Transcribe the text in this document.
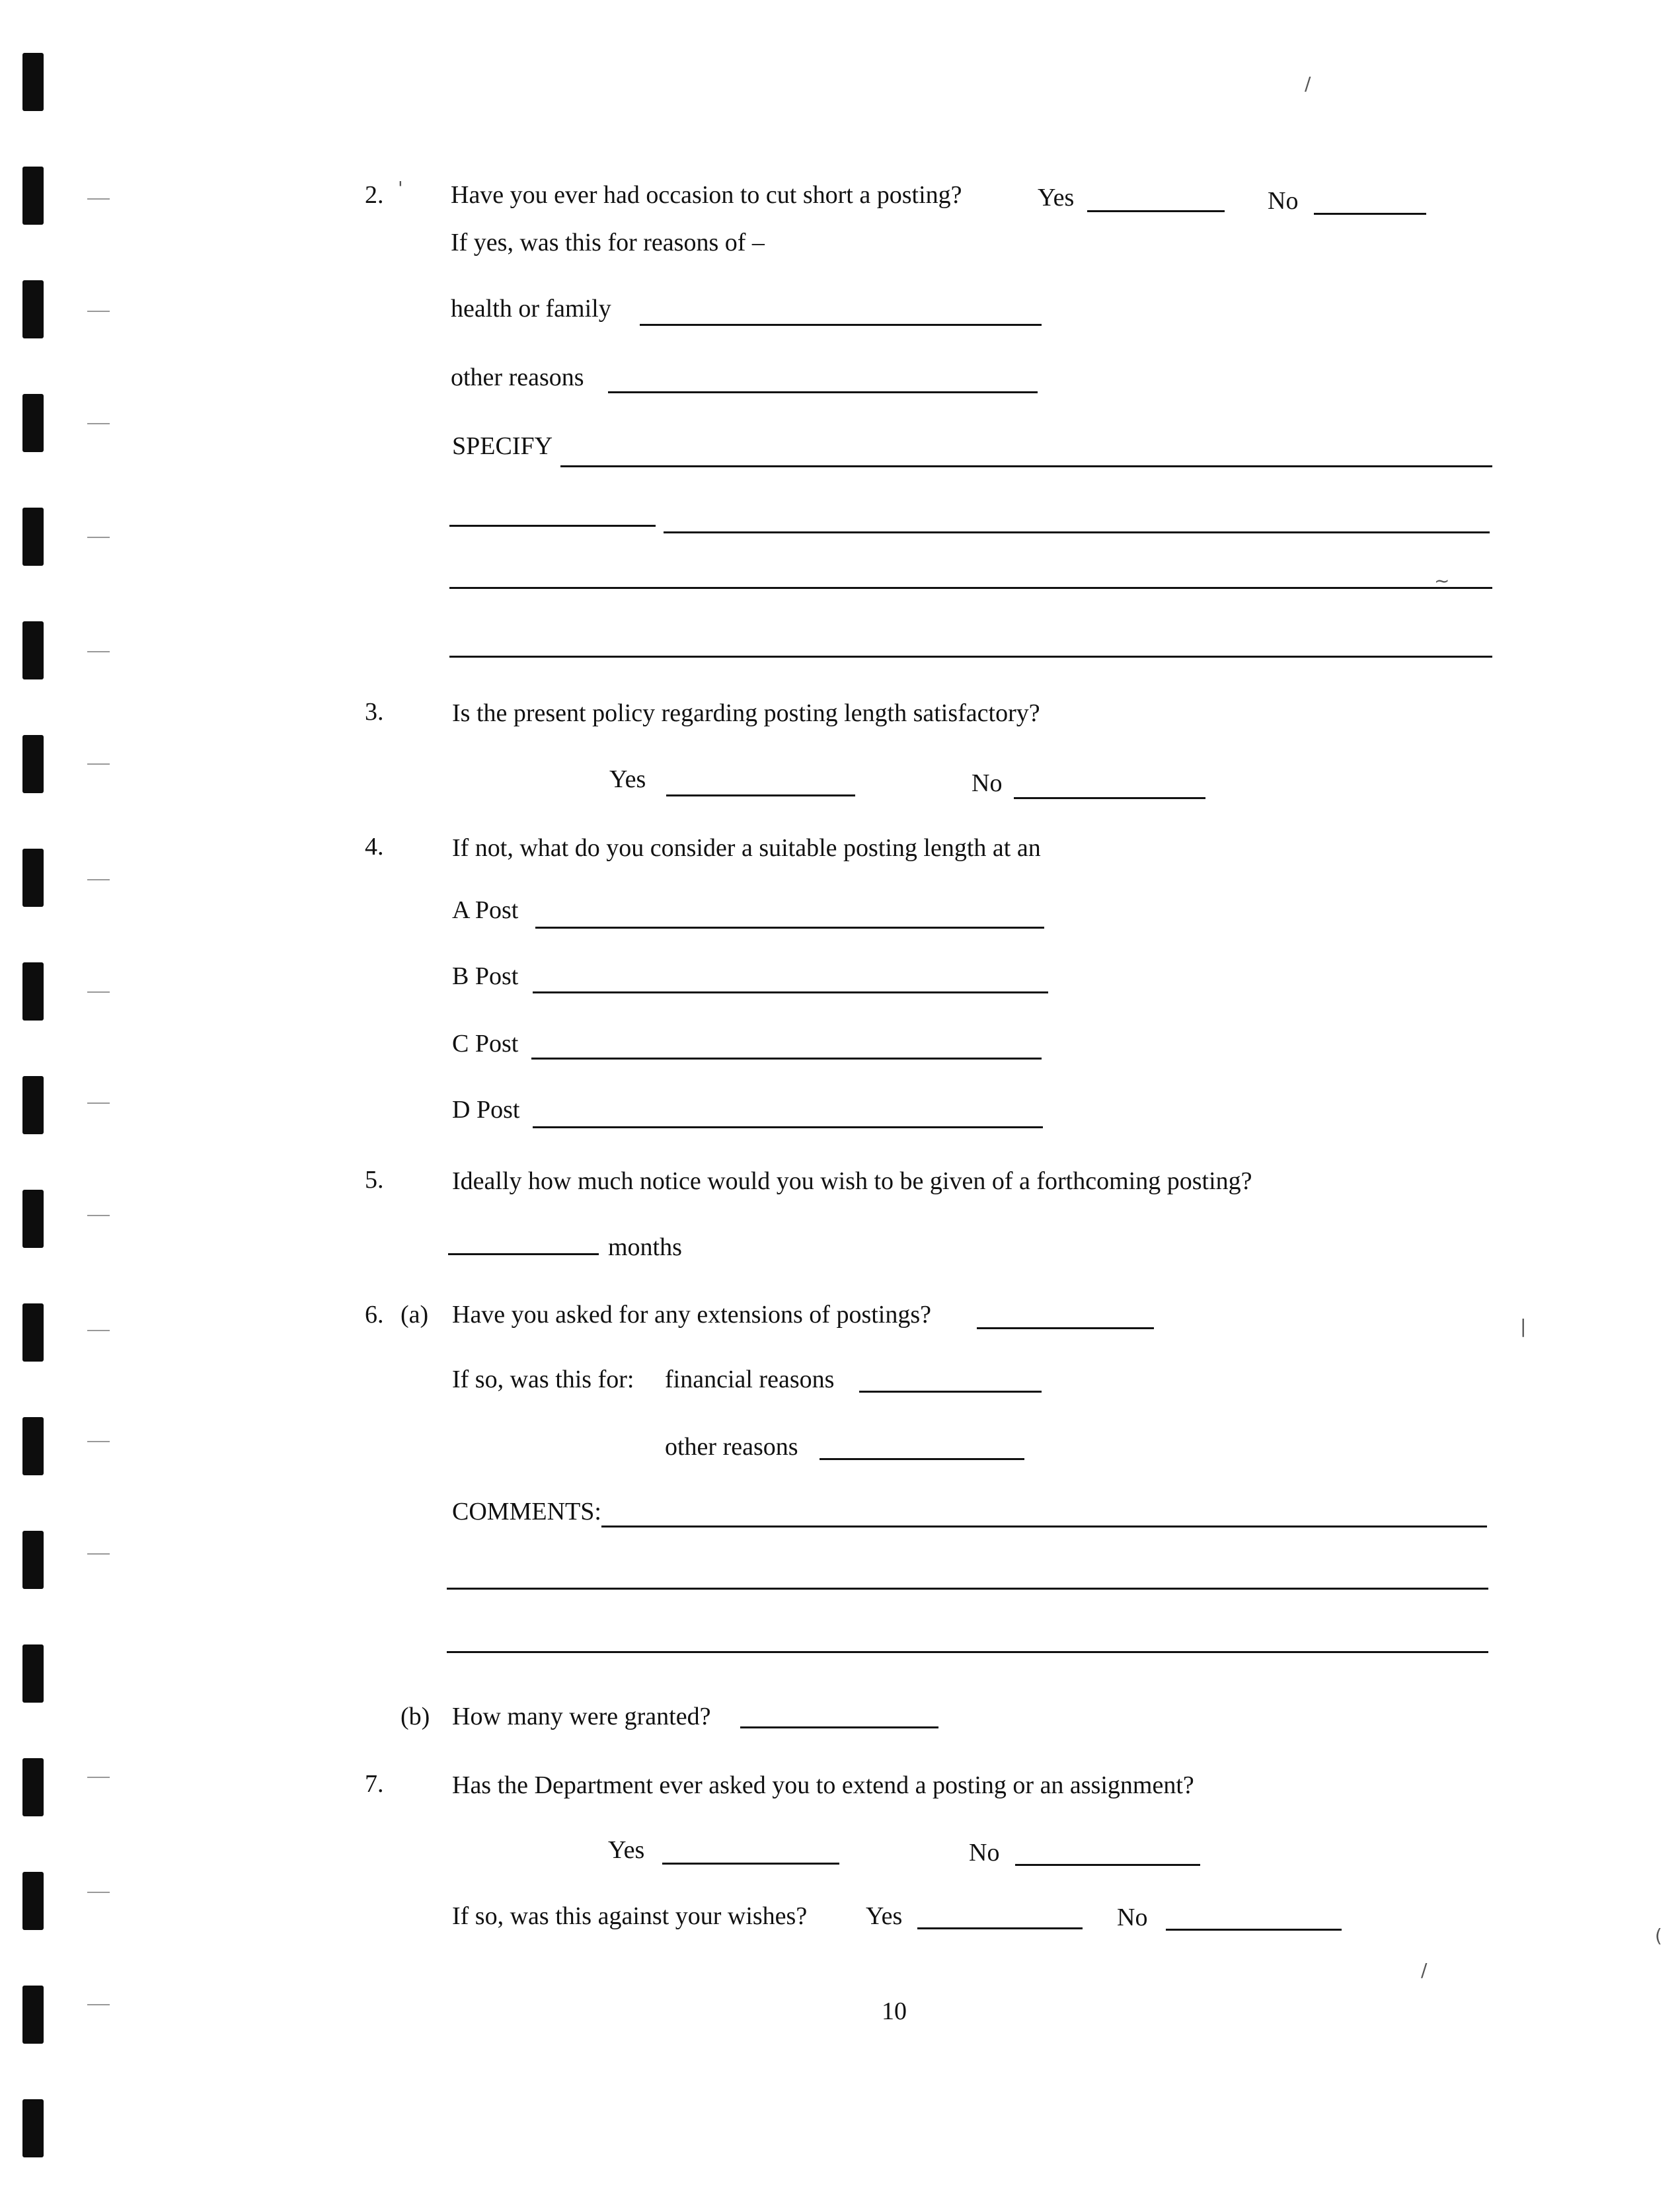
2.	Have you ever had occasion to cut short a posting?	Yes	No
If yes, was this for reasons of –
health or family
other reasons
SPECIFY
3.	Is the present policy regarding posting length satisfactory?
Yes	No
4.	If not, what do you consider a suitable posting length at an
A Post
B Post
C Post
D Post
5.	Ideally how much notice would you wish to be given of a forthcoming posting?
months
6. (a) Have you asked for any extensions of postings?
If so, was this for: financial reasons
other reasons
COMMENTS:
(b) How many were granted?
7.	Has the Department ever asked you to extend a posting or an assignment?
Yes	No
If so, was this against your wishes? Yes	No
10
/
'
~
|
(
/
